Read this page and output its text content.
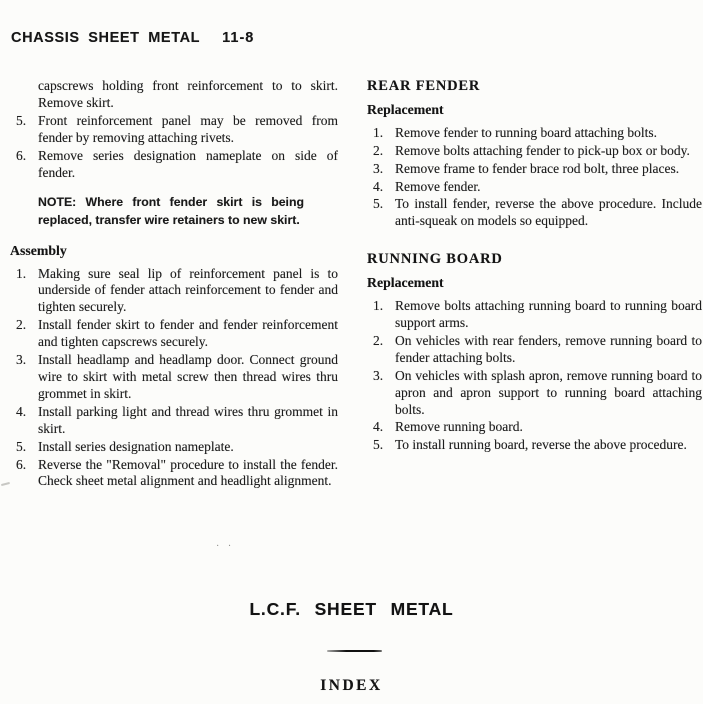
CHASSIS SHEET METAL 11-8

capscrews holding front reinforcement to to skirt. Remove skirt.

5. Front reinforcement panel may be removed from fender by removing attaching rivets.
6. Remove series designation nameplate on side of fender.

NOTE: Where front fender skirt is being replaced, transfer wire retainers to new skirt.

Assembly
1. Making sure seal lip of reinforcement panel is to underside of fender attach reinforcement to fender and tighten securely.
2. Install fender skirt to fender and fender reinforcement and tighten capscrews securely.
3. Install headlamp and headlamp door. Connect ground wire to skirt with metal screw then thread wires thru grommet in skirt.
4. Install parking light and thread wires thru grommet in skirt.
5. Install series designation nameplate.
6. Reverse the "Removal" procedure to install the fender. Check sheet metal alignment and headlight alignment.
REAR FENDER
Replacement
1. Remove fender to running board attaching bolts.
2. Remove bolts attaching fender to pick-up box or body.
3. Remove frame to fender brace rod bolt, three places.
4. Remove fender.
5. To install fender, reverse the above procedure. Include anti-squeak on models so equipped.
RUNNING BOARD
Replacement
1. Remove bolts attaching running board to running board support arms.
2. On vehicles with rear fenders, remove running board to fender attaching bolts.
3. On vehicles with splash apron, remove running board to apron and apron support to running board attaching bolts.
4. Remove running board.
5. To install running board, reverse the above procedure.
L.C.F. SHEET METAL
INDEX
· ·
